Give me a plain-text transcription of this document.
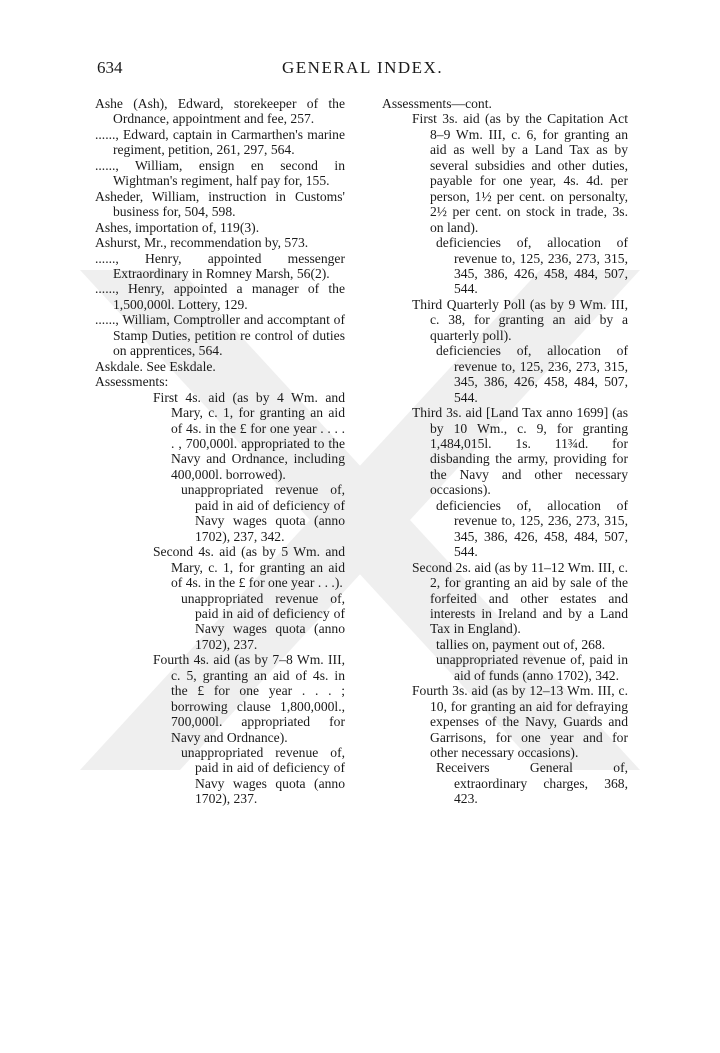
634	GENERAL INDEX.

Ashe (Ash), Edward, storekeeper of the Ordnance, appointment and fee, 257.

......, Edward, captain in Carmarthen's marine regiment, petition, 261, 297, 564.

......, William, ensign en second in Wightman's regiment, half pay for, 155.

Asheder, William, instruction in Customs' business for, 504, 598.

Ashes, importation of, 119(3).

Ashurst, Mr., recommendation by, 573.

......, Henry, appointed messenger Extraordinary in Romney Marsh, 56(2).

......, Henry, appointed a manager of the 1,500,000l. Lottery, 129.

......, William, Comptroller and accomptant of Stamp Duties, petition re control of duties on apprentices, 564.

Askdale. See Eskdale.

Assessments:

First 4s. aid (as by 4 Wm. and Mary, c. 1, for granting an aid of 4s. in the £ for one year . . . . . , 700,000l. appropriated to the Navy and Ordnance, including 400,000l. borrowed).

unappropriated revenue of, paid in aid of deficiency of Navy wages quota (anno 1702), 237, 342.

Second 4s. aid (as by 5 Wm. and Mary, c. 1, for granting an aid of 4s. in the £ for one year . . .).

unappropriated revenue of, paid in aid of deficiency of Navy wages quota (anno 1702), 237.

Fourth 4s. aid (as by 7–8 Wm. III, c. 5, granting an aid of 4s. in the £ for one year . . . ; borrowing clause 1,800,000l., 700,000l. appropriated for Navy and Ordnance).

unappropriated revenue of, paid in aid of deficiency of Navy wages quota (anno 1702), 237.

Assessments—cont.

First 3s. aid (as by the Capitation Act 8–9 Wm. III, c. 6, for granting an aid as well by a Land Tax as by several subsidies and other duties, payable for one year, 4s. 4d. per person, 1½ per cent. on personalty, 2½ per cent. on stock in trade, 3s. on land).

deficiencies of, allocation of revenue to, 125, 236, 273, 315, 345, 386, 426, 458, 484, 507, 544.

Third Quarterly Poll (as by 9 Wm. III, c. 38, for granting an aid by a quarterly poll).

deficiencies of, allocation of revenue to, 125, 236, 273, 315, 345, 386, 426, 458, 484, 507, 544.

Third 3s. aid [Land Tax anno 1699] (as by 10 Wm., c. 9, for granting 1,484,015l. 1s. 11¾d. for disbanding the army, providing for the Navy and other necessary occasions).

deficiencies of, allocation of revenue to, 125, 236, 273, 315, 345, 386, 426, 458, 484, 507, 544.

Second 2s. aid (as by 11–12 Wm. III, c. 2, for granting an aid by sale of the forfeited and other estates and interests in Ireland and by a Land Tax in England).

tallies on, payment out of, 268.

unappropriated revenue of, paid in aid of funds (anno 1702), 342.

Fourth 3s. aid (as by 12–13 Wm. III, c. 10, for granting an aid for defraying expenses of the Navy, Guards and Garrisons, for one year and for other necessary occasions).

Receivers General of, extraordinary charges, 368, 423.
